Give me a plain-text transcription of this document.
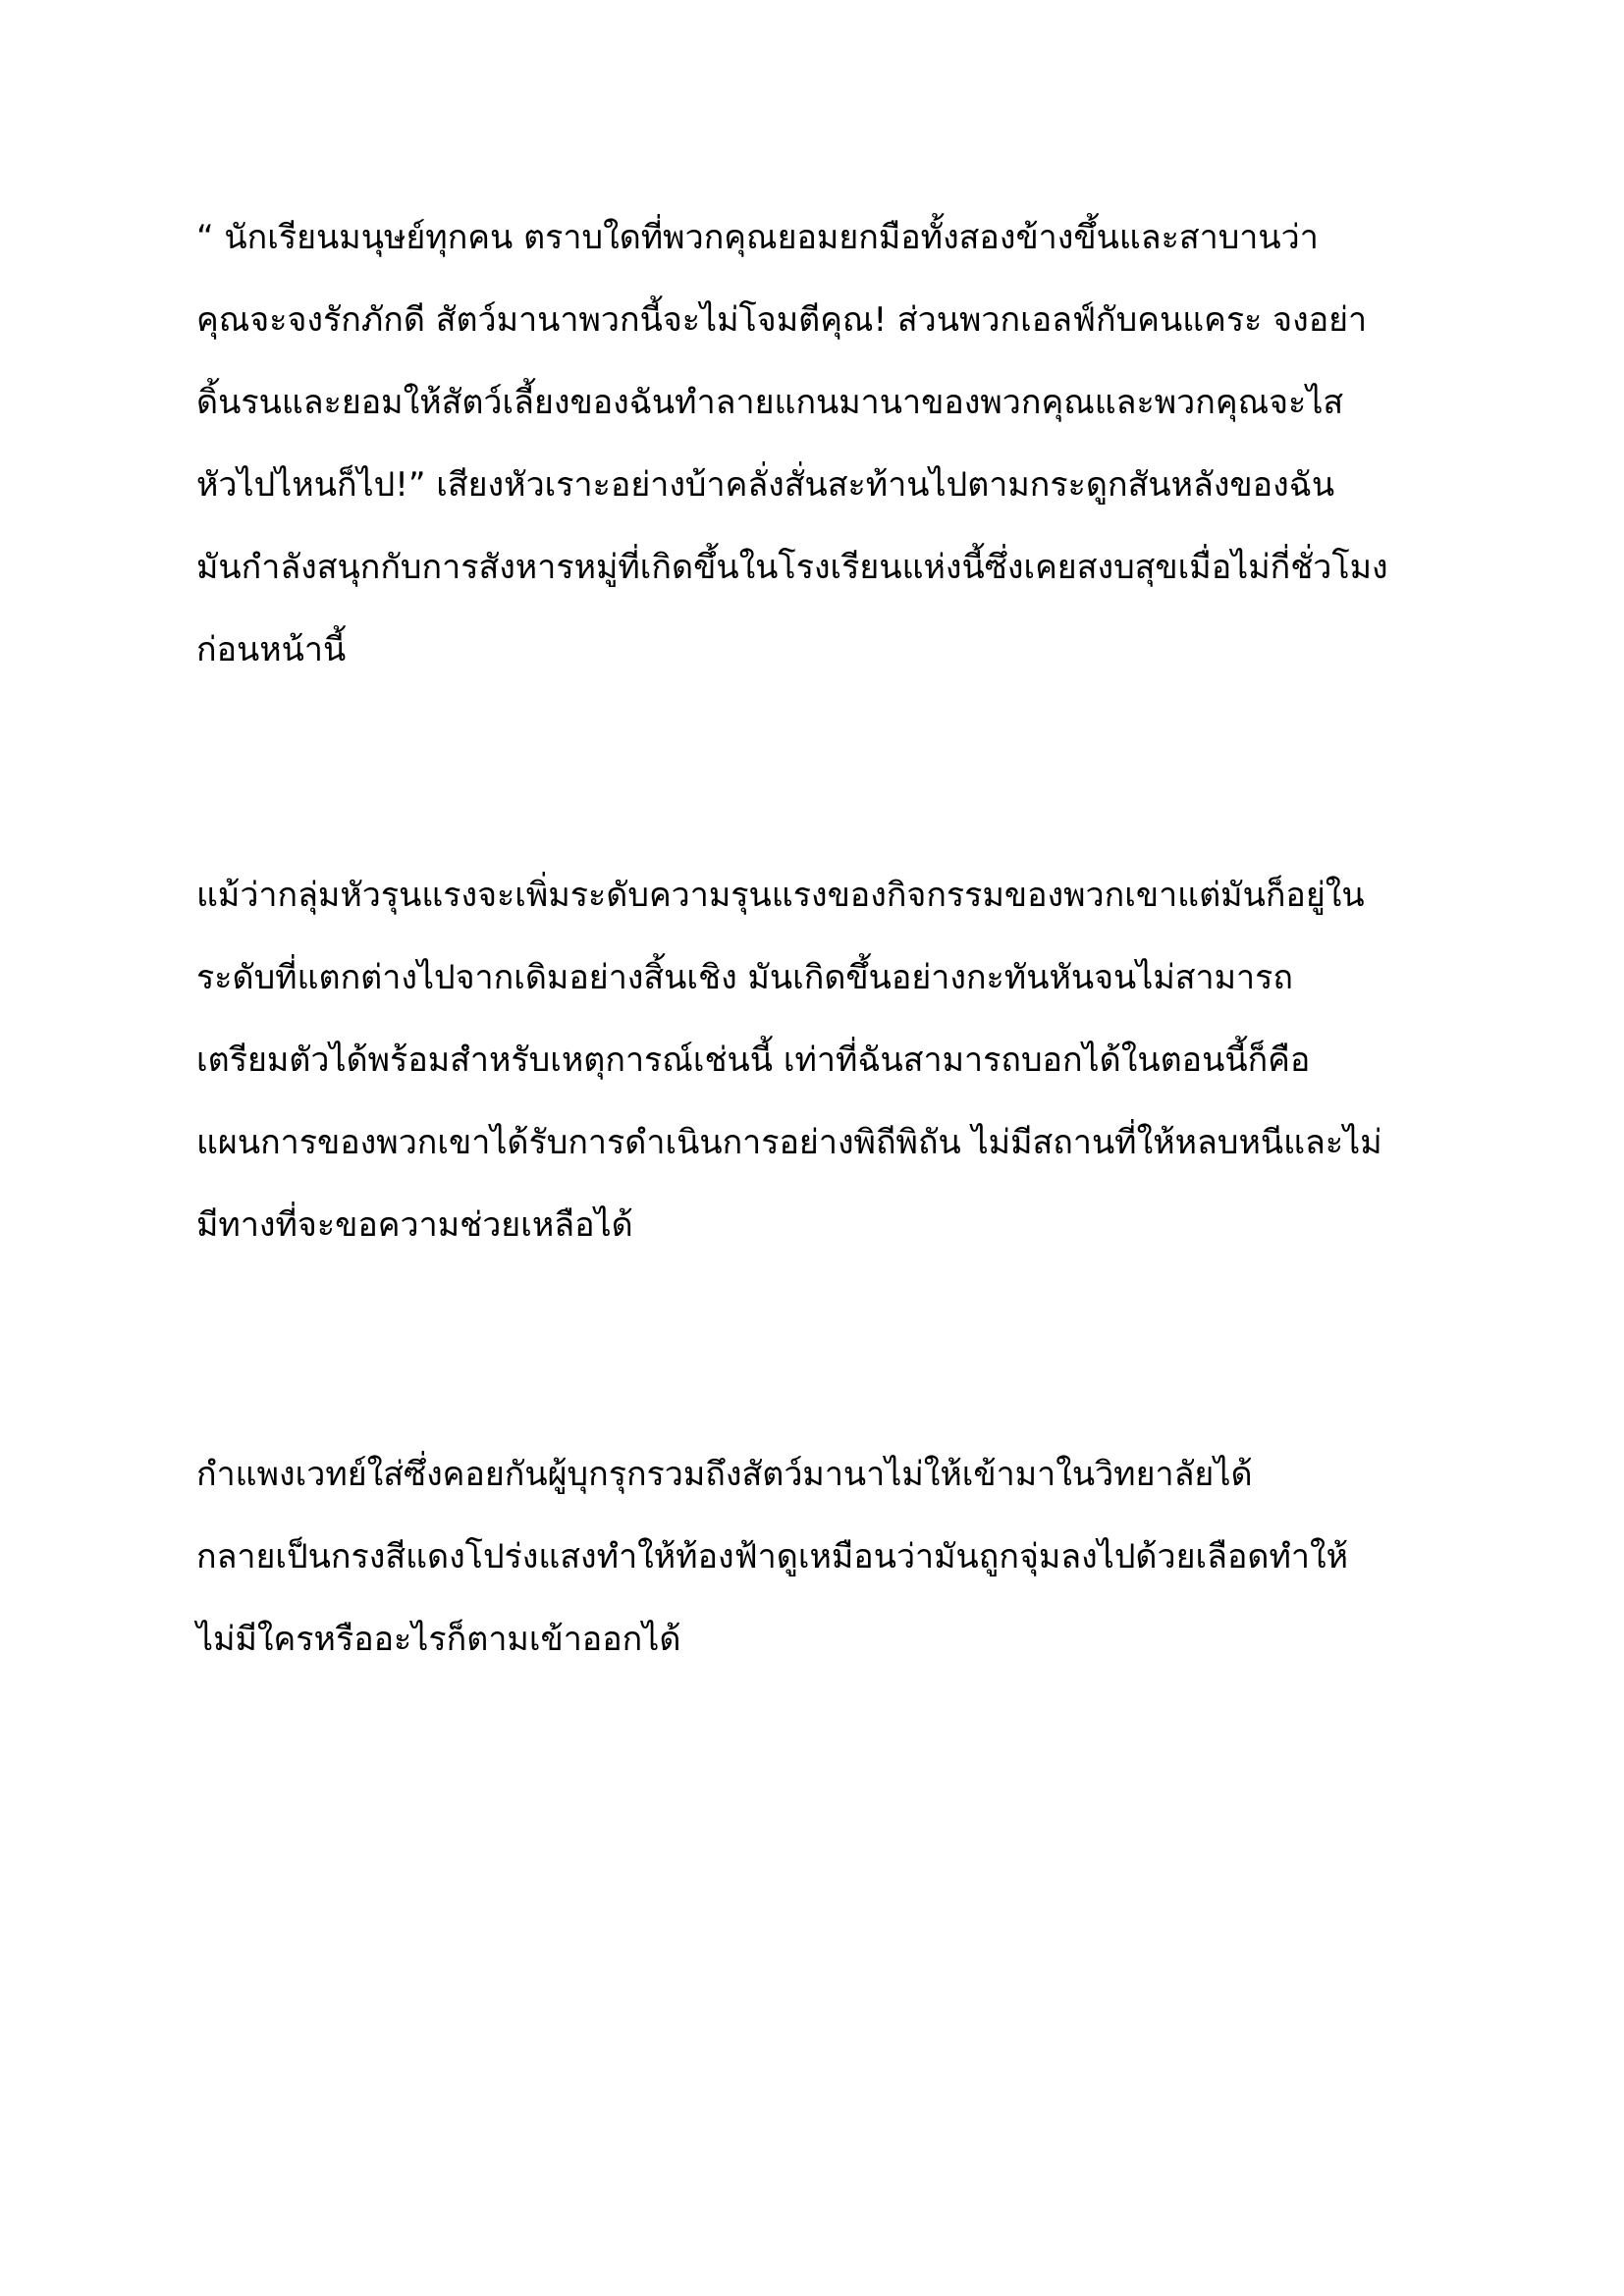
“ นักเรียนมนุษย์ทุกคน ตราบใดที่พวกคุณยอมยกมือทั้งสองข้างขึ้นและสาบานว่า
คุณจะจงรักภักดี สัตว์มานาพวกนี้จะไม่โจมตีคุณ! ส่วนพวกเอลฟ์กับคนแคระ จงอย่า
ดิ้นรนและยอมให้สัตว์เลี้ยงของฉันทำลายแกนมานาของพวกคุณและพวกคุณจะไส
หัวไปไหนก็ไป!” เสียงหัวเราะอย่างบ้าคลั่งสั่นสะท้านไปตามกระดูกสันหลังของฉัน
มันกำลังสนุกกับการสังหารหมู่ที่เกิดขึ้นในโรงเรียนแห่งนี้ซึ่งเคยสงบสุขเมื่อไม่กี่ชั่วโมง
ก่อนหน้านี้

แม้ว่ากลุ่มหัวรุนแรงจะเพิ่มระดับความรุนแรงของกิจกรรมของพวกเขาแต่มันก็อยู่ใน
ระดับที่แตกต่างไปจากเดิมอย่างสิ้นเชิง มันเกิดขึ้นอย่างกะทันหันจนไม่สามารถ
เตรียมตัวได้พร้อมสำหรับเหตุการณ์เช่นนี้ เท่าที่ฉันสามารถบอกได้ในตอนนี้ก็คือ
แผนการของพวกเขาได้รับการดำเนินการอย่างพิถีพิถัน ไม่มีสถานที่ให้หลบหนีและไม่
มีทางที่จะขอความช่วยเหลือได้

กำแพงเวทย์ใส่ซึ่งคอยกันผู้บุกรุกรวมถึงสัตว์มานาไม่ให้เข้ามาในวิทยาลัยได้
กลายเป็นกรงสีแดงโปร่งแสงทำให้ท้องฟ้าดูเหมือนว่ามันถูกจุ่มลงไปด้วยเลือดทำให้
ไม่มีใครหรืออะไรก็ตามเข้าออกได้
